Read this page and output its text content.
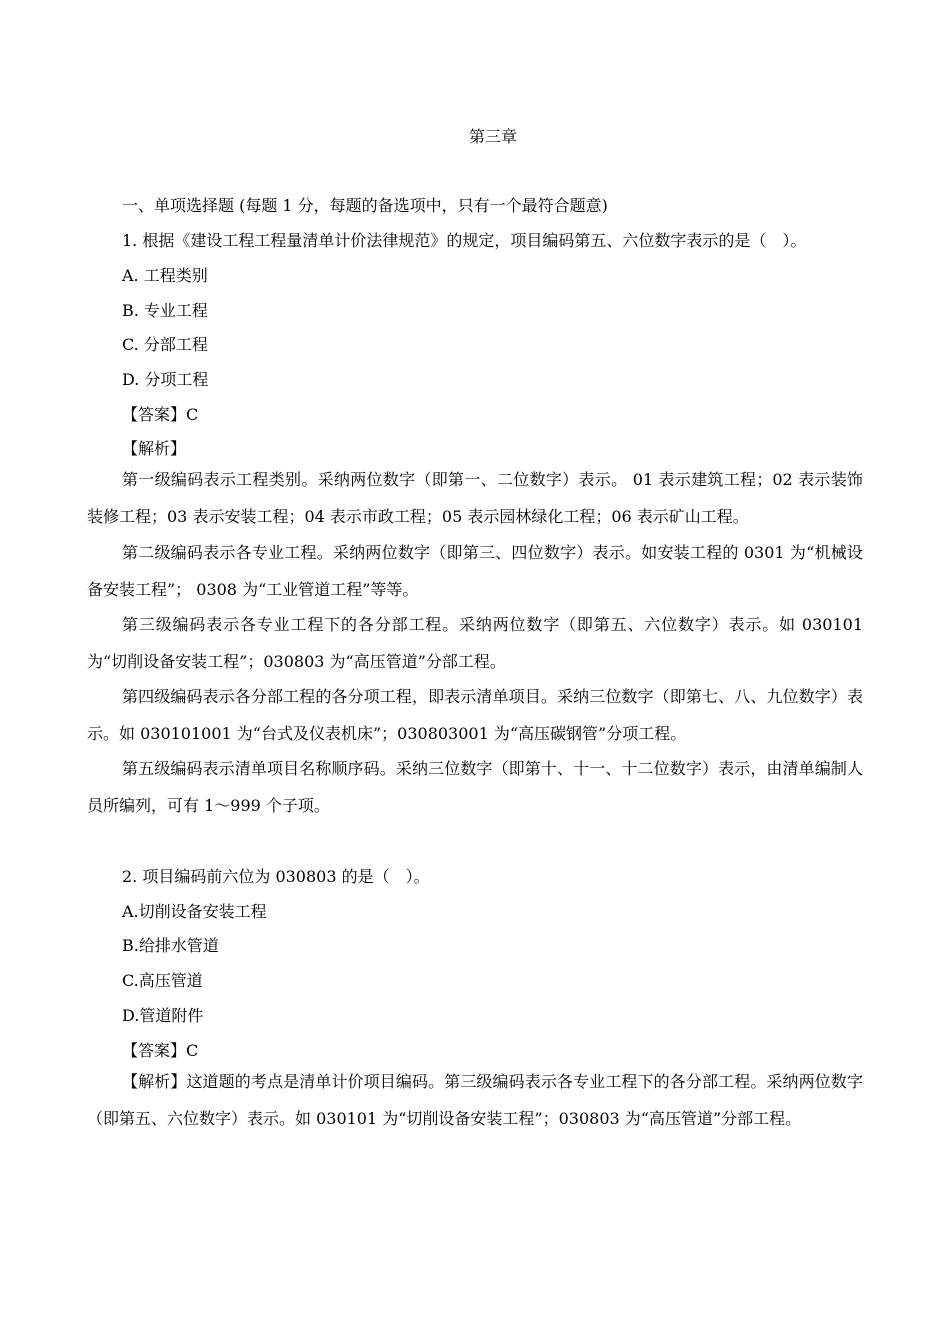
第三章
一、单项选择题 (每题 1 分，每题的备选项中，只有一个最符合题意)
1. 根据《建设工程工程量清单计价法律规范》的规定，项目编码第五、六位数字表示的是（　）。
A. 工程类别
B. 专业工程
C. 分部工程
D. 分项工程
【答案】C
【解析】

第一级编码表示工程类别。采纳两位数字（即第一、二位数字）表示。 01 表示建筑工程；02 表示装饰装修工程；03 表示安装工程；04 表示市政工程；05 表示园林绿化工程；06 表示矿山工程。

第二级编码表示各专业工程。采纳两位数字（即第三、四位数字）表示。如安装工程的 0301 为“机械设备安装工程”； 0308 为“工业管道工程”等等。

第三级编码表示各专业工程下的各分部工程。采纳两位数字（即第五、六位数字）表示。如 030101 为“切削设备安装工程”；030803 为“高压管道”分部工程。

第四级编码表示各分部工程的各分项工程，即表示清单项目。采纳三位数字（即第七、八、九位数字）表示。如 030101001 为“台式及仪表机床”；030803001 为“高压碳钢管”分项工程。

第五级编码表示清单项目名称顺序码。采纳三位数字（即第十、十一、十二位数字）表示，由清单编制人员所编列，可有 1～999 个子项。

2. 项目编码前六位为 030803 的是（　）。
A.切削设备安装工程
B.给排水管道
C.高压管道
D.管道附件
【答案】C

【解析】这道题的考点是清单计价项目编码。第三级编码表示各专业工程下的各分部工程。采纳两位数字（即第五、六位数字）表示。如 030101 为“切削设备安装工程”；030803 为“高压管道”分部工程。
